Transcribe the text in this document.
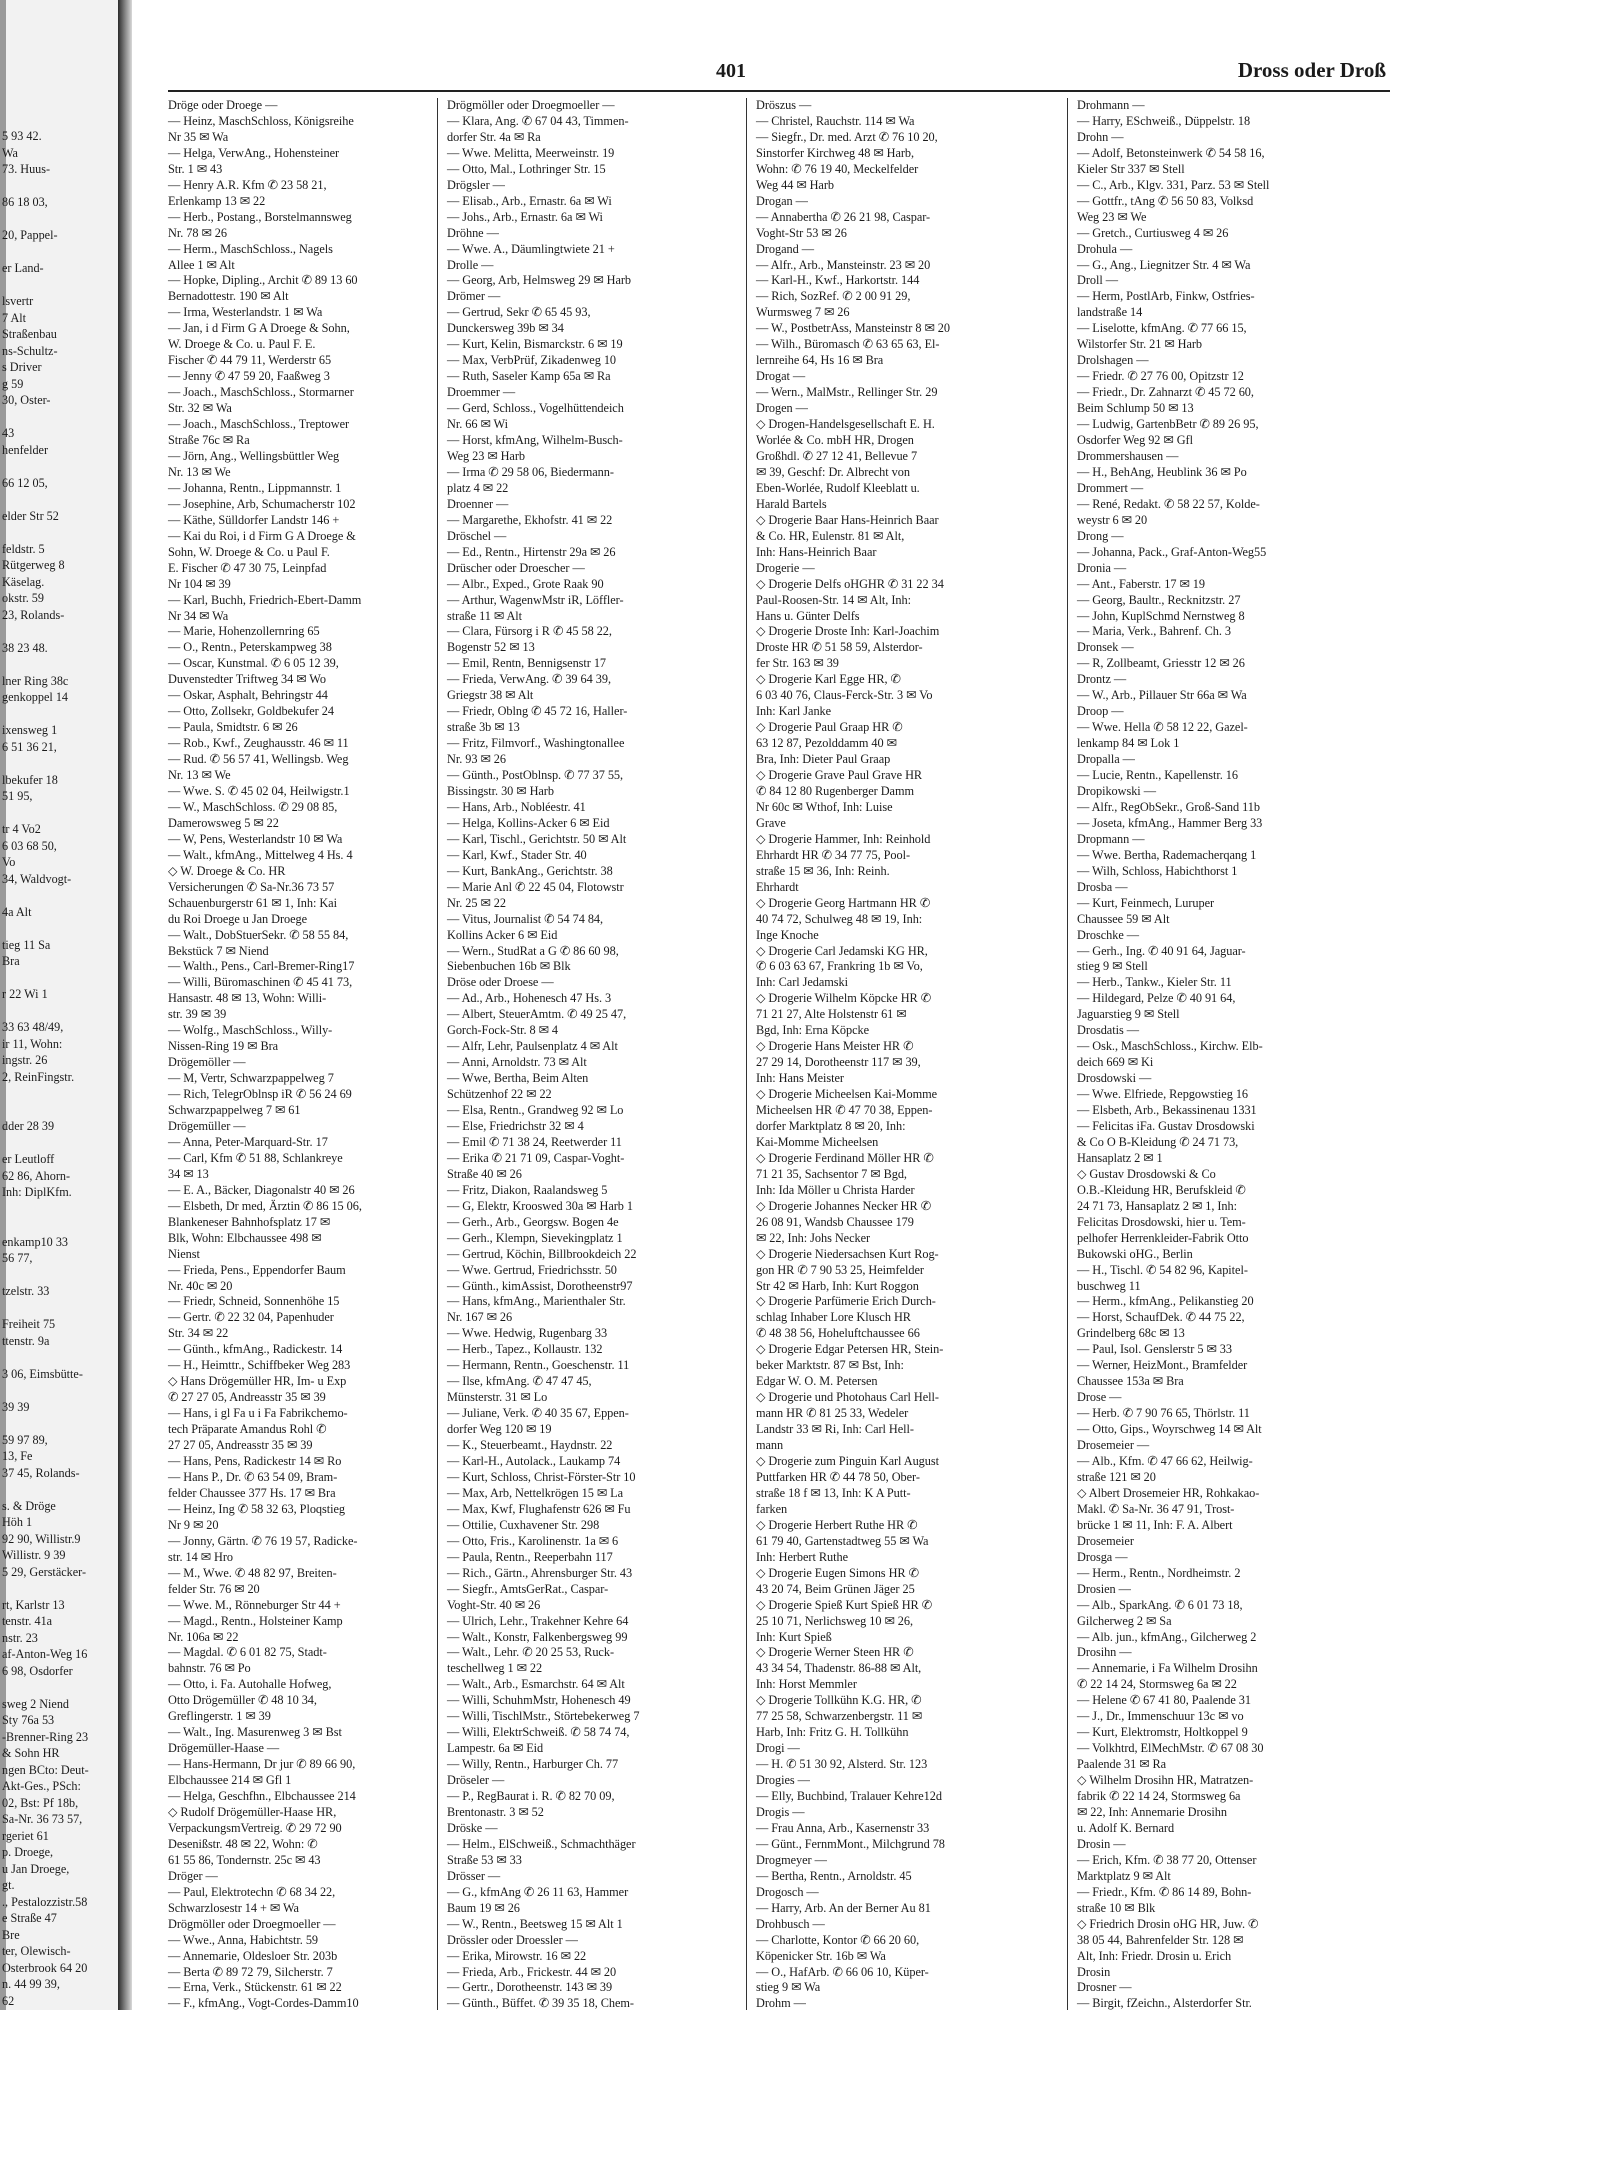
5 93 42.
Wa
73. Huus-

86 18 03,

20, Pappel-

er Land-

lsvertr
7 Alt
Straßenbau
ns-Schultz-
s Driver
g 59
30, Oster-

43
henfelder

66 12 05,

elder Str 52

feldstr. 5
Rütgerweg 8
Käselag.
okstr. 59
23, Rolands-

38 23 48.

lner Ring 38c
genkoppel 14

ixensweg 1
6 51 36 21,

lbekufer 18
51 95,

tr 4 Vo2
6 03 68 50,
Vo
34, Waldvogt-

4a Alt

tieg 11 Sa
Bra

r 22 Wi 1

33 63 48/49,
ir 11, Wohn:
ingstr. 26
2, ReinFingstr.

dder 28 39

er Leutloff
62 86, Ahorn-
Inh: DiplKfm.

enkamp10 33
56 77,

tzelstr. 33

Freiheit 75
ttenstr. 9a

3 06, Eimsbütte-

39 39

59 97 89,
13, Fe
37 45, Rolands-

s. & Dröge
Höh 1
92 90, Willistr.9
Willistr. 9 39
5 29, Gerstäcker-

rt, Karlstr 13
tenstr. 41a
nstr. 23
af-Anton-Weg 16
6 98, Osdorfer

sweg 2 Niend
Sty 76a 53
-Brenner-Ring 23
& Sohn HR
ngen BCto: Deut-
Akt-Ges., PSch:
02, Bst: Pf 18b,
Sa-Nr. 36 73 57,
rgeriet 61
p. Droege,
u Jan Droege,
gt.
., Pestalozzistr.58
e Straße 47
Bre
ter, Olewisch-
Osterbrook 64 20
n. 44 99 39,
62

401	Dross oder Droß
Dröge oder Droege —
— Heinz, MaschSchloss, Königsreihe
Nr 35 ✉ Wa
— Helga, VerwAng., Hohensteiner
Str. 1 ✉ 43
— Henry A.R. Kfm ✆ 23 58 21,
Erlenkamp 13 ✉ 22
— Herb., Postang., Borstelmannsweg
Nr. 78 ✉ 26
— Herm., MaschSchloss., Nagels
Allee 1 ✉ Alt
— Hopke, Dipling., Archit ✆ 89 13 60
Bernadottestr. 190 ✉ Alt
— Irma, Westerlandstr. 1 ✉ Wa
— Jan, i d Firm G A Droege & Sohn,
W. Droege & Co. u. Paul F. E.
Fischer ✆ 44 79 11, Werderstr 65
— Jenny ✆ 47 59 20, Faaßweg 3
— Joach., MaschSchloss., Stormarner
Str. 32 ✉ Wa
— Joach., MaschSchloss., Treptower
Straße 76c ✉ Ra
— Jörn, Ang., Wellingsbüttler Weg
Nr. 13 ✉ We
— Johanna, Rentn., Lippmannstr. 1
— Josephine, Arb, Schumacherstr 102
— Käthe, Sülldorfer Landstr 146 +
— Kai du Roi, i d Firm G A Droege &
Sohn, W. Droege & Co. u Paul F.
E. Fischer ✆ 47 30 75, Leinpfad
Nr 104 ✉ 39
— Karl, Buchh, Friedrich-Ebert-Damm
Nr 34 ✉ Wa
— Marie, Hohenzollernring 65
— O., Rentn., Peterskampweg 38
— Oscar, Kunstmal. ✆ 6 05 12 39,
Duvenstedter Triftweg 34 ✉ Wo
— Oskar, Asphalt, Behringstr 44
— Otto, Zollsekr, Goldbekufer 24
— Paula, Smidtstr. 6 ✉ 26
— Rob., Kwf., Zeughausstr. 46 ✉ 11
— Rud. ✆ 56 57 41, Wellingsb. Weg
Nr. 13 ✉ We
— Wwe. S. ✆ 45 02 04, Heilwigstr.1
— W., MaschSchloss. ✆ 29 08 85,
Damerowsweg 5 ✉ 22
— W, Pens, Westerlandstr 10 ✉ Wa
— Walt., kfmAng., Mittelweg 4 Hs. 4
◇ W. Droege & Co. HR
Versicherungen ✆ Sa-Nr.36 73 57
Schauenburgerstr 61 ✉ 1, Inh: Kai
du Roi Droege u Jan Droege
— Walt., DobStuerSekr. ✆ 58 55 84,
Bekstück 7 ✉ Niend
— Walth., Pens., Carl-Bremer-Ring17
— Willi, Büromaschinen ✆ 45 41 73,
Hansastr. 48 ✉ 13, Wohn: Willi-
str. 39 ✉ 39
— Wolfg., MaschSchloss., Willy-
Nissen-Ring 19 ✉ Bra
Drögemöller —
— M, Vertr, Schwarzpappelweg 7
— Rich, TelegrOblnsp iR ✆ 56 24 69
Schwarzpappelweg 7 ✉ 61
Drögemüller —
— Anna, Peter-Marquard-Str. 17
— Carl, Kfm ✆ 51 88, Schlankreye
34 ✉ 13
— E. A., Bäcker, Diagonalstr 40 ✉ 26
— Elsbeth, Dr med, Ärztin ✆ 86 15 06,
Blankeneser Bahnhofsplatz 17 ✉
Blk, Wohn: Elbchaussee 498 ✉
Nienst
— Frieda, Pens., Eppendorfer Baum
Nr. 40c ✉ 20
— Friedr, Schneid, Sonnenhöhe 15
— Gertr. ✆ 22 32 04, Papenhuder
Str. 34 ✉ 22
— Günth., kfmAng., Radickestr. 14
— H., Heimttr., Schiffbeker Weg 283
◇ Hans Drögemüller HR, Im- u Exp
✆ 27 27 05, Andreasstr 35 ✉ 39
— Hans, i gl Fa u i Fa Fabrikchemo-
tech Präparate Amandus Rohl ✆
27 27 05, Andreasstr 35 ✉ 39
— Hans, Pens, Radickestr 14 ✉ Ro
— Hans P., Dr. ✆ 63 54 09, Bram-
felder Chaussee 377 Hs. 17 ✉ Bra
— Heinz, Ing ✆ 58 32 63, Ploqstieg
Nr 9 ✉ 20
— Jonny, Gärtn. ✆ 76 19 57, Radicke-
str. 14 ✉ Hro
— M., Wwe. ✆ 48 82 97, Breiten-
felder Str. 76 ✉ 20
— Wwe. M., Rönneburger Str 44 +
— Magd., Rentn., Holsteiner Kamp
Nr. 106a ✉ 22
— Magdal. ✆ 6 01 82 75, Stadt-
bahnstr. 76 ✉ Po
— Otto, i. Fa. Autohalle Hofweg,
Otto Drögemüller ✆ 48 10 34,
Greflingerstr. 1 ✉ 39
— Walt., Ing. Masurenweg 3 ✉ Bst
Drögemüller-Haase —
— Hans-Hermann, Dr jur ✆ 89 66 90,
Elbchaussee 214 ✉ Gfl 1
— Helga, Geschfhn., Elbchaussee 214
◇ Rudolf Drögemüller-Haase HR,
VerpackungsmVertreig. ✆ 29 72 90
Desenißstr. 48 ✉ 22, Wohn: ✆
61 55 86, Tondernstr. 25c ✉ 43
Dröger —
— Paul, Elektrotechn ✆ 68 34 22,
Schwarzlosestr 14 + ✉ Wa
Drögmöller oder Droegmoeller —
— Wwe., Anna, Habichtstr. 59
— Annemarie, Oldesloer Str. 203b
— Berta ✆ 89 72 79, Silcherstr. 7
— Erna, Verk., Stückenstr. 61 ✉ 22
— F., kfmAng., Vogt-Cordes-Damm10
Drögmöller oder Droegmoeller —
— Klara, Ang. ✆ 67 04 43, Timmen-
dorfer Str. 4a ✉ Ra
— Wwe. Melitta, Meerweinstr. 19
— Otto, Mal., Lothringer Str. 15
Drögsler —
— Elisab., Arb., Ernastr. 6a ✉ Wi
— Johs., Arb., Ernastr. 6a ✉ Wi
Dröhne —
— Wwe. A., Däumlingtwiete 21 +
Drolle —
— Georg, Arb, Helmsweg 29 ✉ Harb
Drömer —
— Gertrud, Sekr ✆ 65 45 93,
Dunckersweg 39b ✉ 34
— Kurt, Kelin, Bismarckstr. 6 ✉ 19
— Max, VerbPrüf, Zikadenweg 10
— Ruth, Saseler Kamp 65a ✉ Ra
Droemmer —
— Gerd, Schloss., Vogelhüttendeich
Nr. 66 ✉ Wi
— Horst, kfmAng, Wilhelm-Busch-
Weg 23 ✉ Harb
— Irma ✆ 29 58 06, Biedermann-
platz 4 ✉ 22
Droenner —
— Margarethe, Ekhofstr. 41 ✉ 22
Dröschel —
— Ed., Rentn., Hirtenstr 29a ✉ 26
Drüscher oder Droescher —
— Albr., Exped., Grote Raak 90
— Arthur, WagenwMstr iR, Löffler-
straße 11 ✉ Alt
— Clara, Fürsorg i R ✆ 45 58 22,
Bogenstr 52 ✉ 13
— Emil, Rentn, Bennigsenstr 17
— Frieda, VerwAng. ✆ 39 64 39,
Griegstr 38 ✉ Alt
— Friedr, Oblng ✆ 45 72 16, Haller-
straße 3b ✉ 13
— Fritz, Filmvorf., Washingtonallee
Nr. 93 ✉ 26
— Günth., PostOblnsp. ✆ 77 37 55,
Bissingstr. 30 ✉ Harb
— Hans, Arb., Nobléestr. 41
— Helga, Kollins-Acker 6 ✉ Eid
— Karl, Tischl., Gerichtstr. 50 ✉ Alt
— Karl, Kwf., Stader Str. 40
— Kurt, BankAng., Gerichtstr. 38
— Marie Anl ✆ 22 45 04, Flotowstr
Nr. 25 ✉ 22
— Vitus, Journalist ✆ 54 74 84,
Kollins Acker 6 ✉ Eid
— Wern., StudRat a G ✆ 86 60 98,
Siebenbuchen 16b ✉ Blk
Dröse oder Droese —
— Ad., Arb., Hohenesch 47 Hs. 3
— Albert, SteuerAmtm. ✆ 49 25 47,
Gorch-Fock-Str. 8 ✉ 4
— Alfr, Lehr, Paulsenplatz 4 ✉ Alt
— Anni, Arnoldstr. 73 ✉ Alt
— Wwe, Bertha, Beim Alten
Schützenhof 22 ✉ 22
— Elsa, Rentn., Grandweg 92 ✉ Lo
— Else, Friedrichstr 32 ✉ 4
— Emil ✆ 71 38 24, Reetwerder 11
— Erika ✆ 21 71 09, Caspar-Voght-
Straße 40 ✉ 26
— Fritz, Diakon, Raalandsweg 5
— G, Elektr, Krooswed 30a ✉ Harb 1
— Gerh., Arb., Georgsw. Bogen 4e
— Gerh., Klempn, Sievekingplatz 1
— Gertrud, Köchin, Billbrookdeich 22
— Wwe. Gertrud, Friedrichsstr. 50
— Günth., kimAssist, Dorotheenstr97
— Hans, kfmAng., Marienthaler Str.
Nr. 167 ✉ 26
— Wwe. Hedwig, Rugenbarg 33
— Herb., Tapez., Kollaustr. 132
— Hermann, Rentn., Goeschenstr. 11
— Ilse, kfmAng. ✆ 47 47 45,
Münsterstr. 31 ✉ Lo
— Juliane, Verk. ✆ 40 35 67, Eppen-
dorfer Weg 120 ✉ 19
— K., Steuerbeamt., Haydnstr. 22
— Karl-H., Autolack., Laukamp 74
— Kurt, Schloss, Christ-Förster-Str 10
— Max, Arb, Nettelkrögen 15 ✉ La
— Max, Kwf, Flughafenstr 626 ✉ Fu
— Ottilie, Cuxhavener Str. 298
— Otto, Fris., Karolinenstr. 1a ✉ 6
— Paula, Rentn., Reeperbahn 117
— Rich., Gärtn., Ahrensburger Str. 43
— Siegfr., AmtsGerRat., Caspar-
Voght-Str. 40 ✉ 26
— Ulrich, Lehr., Trakehner Kehre 64
— Walt., Konstr, Falkenbergsweg 99
— Walt., Lehr. ✆ 20 25 53, Ruck-
teschellweg 1 ✉ 22
— Walt., Arb., Esmarchstr. 64 ✉ Alt
— Willi, SchuhmMstr, Hohenesch 49
— Willi, TischlMstr., Störtebekerweg 7
— Willi, ElektrSchweiß. ✆ 58 74 74,
Lampestr. 6a ✉ Eid
— Willy, Rentn., Harburger Ch. 77
Dröseler —
— P., RegBaurat i. R. ✆ 82 70 09,
Brentonastr. 3 ✉ 52
Dröske —
— Helm., ElSchweiß., Schmachthäger
Straße 53 ✉ 33
Drösser —
— G., kfmAng ✆ 26 11 63, Hammer
Baum 19 ✉ 26
— W., Rentn., Beetsweg 15 ✉ Alt 1
Drössler oder Droessler —
— Erika, Mirowstr. 16 ✉ 22
— Frieda, Arb., Frickestr. 44 ✉ 20
— Gertr., Dorotheenstr. 143 ✉ 39
— Günth., Büffet. ✆ 39 35 18, Chem-
Dröszus —
— Christel, Rauchstr. 114 ✉ Wa
— Siegfr., Dr. med. Arzt ✆ 76 10 20,
Sinstorfer Kirchweg 48 ✉ Harb,
Wohn: ✆ 76 19 40, Meckelfelder
Weg 44 ✉ Harb
Drogan —
— Annabertha ✆ 26 21 98, Caspar-
Voght-Str 53 ✉ 26
Drogand —
— Alfr., Arb., Mansteinstr. 23 ✉ 20
— Karl-H., Kwf., Harkortstr. 144
— Rich, SozRef. ✆ 2 00 91 29,
Wurmsweg 7 ✉ 26
— W., PostbetrAss, Mansteinstr 8 ✉ 20
— Wilh., Büromasch ✆ 63 65 63, El-
lernreihe 64, Hs 16 ✉ Bra
Drogat —
— Wern., MalMstr., Rellinger Str. 29
Drogen —
◇ Drogen-Handelsgesellschaft E. H.
Worlée & Co. mbH HR, Drogen
Großhdl. ✆ 27 12 41, Bellevue 7
✉ 39, Geschf: Dr. Albrecht von
Eben-Worlée, Rudolf Kleeblatt u.
Harald Bartels
◇ Drogerie Baar Hans-Heinrich Baar
& Co. HR, Eulenstr. 81 ✉ Alt,
Inh: Hans-Heinrich Baar
Drogerie —
◇ Drogerie Delfs oHGHR ✆ 31 22 34
Paul-Roosen-Str. 14 ✉ Alt, Inh:
Hans u. Günter Delfs
◇ Drogerie Droste Inh: Karl-Joachim
Droste HR ✆ 51 58 59, Alsterdor-
fer Str. 163 ✉ 39
◇ Drogerie Karl Egge HR, ✆
6 03 40 76, Claus-Ferck-Str. 3 ✉ Vo
Inh: Karl Janke
◇ Drogerie Paul Graap HR ✆
63 12 87, Pezolddamm 40 ✉
Bra, Inh: Dieter Paul Graap
◇ Drogerie Grave Paul Grave HR
✆ 84 12 80 Rugenberger Damm
Nr 60c ✉ Wthof, Inh: Luise
Grave
◇ Drogerie Hammer, Inh: Reinhold
Ehrhardt HR ✆ 34 77 75, Pool-
straße 15 ✉ 36, Inh: Reinh.
Ehrhardt
◇ Drogerie Georg Hartmann HR ✆
40 74 72, Schulweg 48 ✉ 19, Inh:
Inge Knoche
◇ Drogerie Carl Jedamski KG HR,
✆ 6 03 63 67, Frankring 1b ✉ Vo,
Inh: Carl Jedamski
◇ Drogerie Wilhelm Köpcke HR ✆
71 21 27, Alte Holstenstr 61 ✉
Bgd, Inh: Erna Köpcke
◇ Drogerie Hans Meister HR ✆
27 29 14, Dorotheenstr 117 ✉ 39,
Inh: Hans Meister
◇ Drogerie Micheelsen Kai-Momme
Micheelsen HR ✆ 47 70 38, Eppen-
dorfer Marktplatz 8 ✉ 20, Inh:
Kai-Momme Micheelsen
◇ Drogerie Ferdinand Möller HR ✆
71 21 35, Sachsentor 7 ✉ Bgd,
Inh: Ida Möller u Christa Harder
◇ Drogerie Johannes Necker HR ✆
26 08 91, Wandsb Chaussee 179
✉ 22, Inh: Johs Necker
◇ Drogerie Niedersachsen Kurt Rog-
gon HR ✆ 7 90 53 25, Heimfelder
Str 42 ✉ Harb, Inh: Kurt Roggon
◇ Drogerie Parfümerie Erich Durch-
schlag Inhaber Lore Klusch HR
✆ 48 38 56, Hoheluftchaussee 66
◇ Drogerie Edgar Petersen HR, Stein-
beker Marktstr. 87 ✉ Bst, Inh:
Edgar W. O. M. Petersen
◇ Drogerie und Photohaus Carl Hell-
mann HR ✆ 81 25 33, Wedeler
Landstr 33 ✉ Ri, Inh: Carl Hell-
mann
◇ Drogerie zum Pinguin Karl August
Puttfarken HR ✆ 44 78 50, Ober-
straße 18 f ✉ 13, Inh: K A Putt-
farken
◇ Drogerie Herbert Ruthe HR ✆
61 79 40, Gartenstadtweg 55 ✉ Wa
Inh: Herbert Ruthe
◇ Drogerie Eugen Simons HR ✆
43 20 74, Beim Grünen Jäger 25
◇ Drogerie Spieß Kurt Spieß HR ✆
25 10 71, Nerlichsweg 10 ✉ 26,
Inh: Kurt Spieß
◇ Drogerie Werner Steen HR ✆
43 34 54, Thadenstr. 86-88 ✉ Alt,
Inh: Horst Memmler
◇ Drogerie Tollkühn K.G. HR, ✆
77 25 58, Schwarzenbergstr. 11 ✉
Harb, Inh: Fritz G. H. Tollkühn
Drogi —
— H. ✆ 51 30 92, Alsterd. Str. 123
Drogies —
— Elly, Buchbind, Tralauer Kehre12d
Drogis —
— Frau Anna, Arb., Kasernenstr 33
— Günt., FernmMont., Milchgrund 78
Drogmeyer —
— Bertha, Rentn., Arnoldstr. 45
Drogosch —
— Harry, Arb. An der Berner Au 81
Drohbusch —
— Charlotte, Kontor ✆ 66 20 60,
Köpenicker Str. 16b ✉ Wa
— O., HafArb. ✆ 66 06 10, Küper-
stieg 9 ✉ Wa
Drohm —
Drohmann —
— Harry, ESchweiß., Düppelstr. 18
Drohn —
— Adolf, Betonsteinwerk ✆ 54 58 16,
Kieler Str 337 ✉ Stell
— C., Arb., Klgv. 331, Parz. 53 ✉ Stell
— Gottfr., tAng ✆ 56 50 83, Volksd
Weg 23 ✉ We
— Gretch., Curtiusweg 4 ✉ 26
Drohula —
— G., Ang., Liegnitzer Str. 4 ✉ Wa
Droll —
— Herm, PostlArb, Finkw, Ostfries-
landstraße 14
— Liselotte, kfmAng. ✆ 77 66 15,
Wilstorfer Str. 21 ✉ Harb
Drolshagen —
— Friedr. ✆ 27 76 00, Opitzstr 12
— Friedr., Dr. Zahnarzt ✆ 45 72 60,
Beim Schlump 50 ✉ 13
— Ludwig, GartenbBetr ✆ 89 26 95,
Osdorfer Weg 92 ✉ Gfl
Drommershausen —
— H., BehAng, Heublink 36 ✉ Po
Drommert —
— René, Redakt. ✆ 58 22 57, Kolde-
weystr 6 ✉ 20
Drong —
— Johanna, Pack., Graf-Anton-Weg55
Dronia —
— Ant., Faberstr. 17 ✉ 19
— Georg, Baultr., Recknitzstr. 27
— John, KuplSchmd Nernstweg 8
— Maria, Verk., Bahrenf. Ch. 3
Dronsek —
— R, Zollbeamt, Griesstr 12 ✉ 26
Drontz —
— W., Arb., Pillauer Str 66a ✉ Wa
Droop —
— Wwe. Hella ✆ 58 12 22, Gazel-
lenkamp 84 ✉ Lok 1
Dropalla —
— Lucie, Rentn., Kapellenstr. 16
Dropikowski —
— Alfr., RegObSekr., Groß-Sand 11b
— Joseta, kfmAng., Hammer Berg 33
Dropmann —
— Wwe. Bertha, Rademacherqang 1
— Wilh, Schloss, Habichthorst 1
Drosba —
— Kurt, Feinmech, Luruper
Chaussee 59 ✉ Alt
Droschke —
— Gerh., Ing. ✆ 40 91 64, Jaguar-
stieg 9 ✉ Stell
— Herb., Tankw., Kieler Str. 11
— Hildegard, Pelze ✆ 40 91 64,
Jaguarstieg 9 ✉ Stell
Drosdatis —
— Osk., MaschSchloss., Kirchw. Elb-
deich 669 ✉ Ki
Drosdowski —
— Wwe. Elfriede, Repgowstieg 16
— Elsbeth, Arb., Bekassinenau 1331
— Felicitas iFa. Gustav Drosdowski
& Co O B-Kleidung ✆ 24 71 73,
Hansaplatz 2 ✉ 1
◇ Gustav Drosdowski & Co
O.B.-Kleidung HR, Berufskleid ✆
24 71 73, Hansaplatz 2 ✉ 1, Inh:
Felicitas Drosdowski, hier u. Tem-
pelhofer Herrenkleider-Fabrik Otto
Bukowski oHG., Berlin
— H., Tischl. ✆ 54 82 96, Kapitel-
buschweg 11
— Herm., kfmAng., Pelikanstieg 20
— Horst, SchaufDek. ✆ 44 75 22,
Grindelberg 68c ✉ 13
— Paul, Isol. Genslerstr 5 ✉ 33
— Werner, HeizMont., Bramfelder
Chaussee 153a ✉ Bra
Drose —
— Herb. ✆ 7 90 76 65, Thörlstr. 11
— Otto, Gips., Woyrschweg 14 ✉ Alt
Drosemeier —
— Alb., Kfm. ✆ 47 66 62, Heilwig-
straße 121 ✉ 20
◇ Albert Drosemeier HR, Rohkakao-
Makl. ✆ Sa-Nr. 36 47 91, Trost-
brücke 1 ✉ 11, Inh: F. A. Albert
Drosemeier
Drosga —
— Herm., Rentn., Nordheimstr. 2
Drosien —
— Alb., SparkAng. ✆ 6 01 73 18,
Gilcherweg 2 ✉ Sa
— Alb. jun., kfmAng., Gilcherweg 2
Drosihn —
— Annemarie, i Fa Wilhelm Drosihn
✆ 22 14 24, Stormsweg 6a ✉ 22
— Helene ✆ 67 41 80, Paalende 31
— J., Dr., Immenschuur 13c ✉ vo
— Kurt, Elektromstr, Holtkoppel 9
— Volkhtrd, ElMechMstr. ✆ 67 08 30
Paalende 31 ✉ Ra
◇ Wilhelm Drosihn HR, Matratzen-
fabrik ✆ 22 14 24, Stormsweg 6a
✉ 22, Inh: Annemarie Drosihn
u. Adolf K. Bernard
Drosin —
— Erich, Kfm. ✆ 38 77 20, Ottenser
Marktplatz 9 ✉ Alt
— Friedr., Kfm. ✆ 86 14 89, Bohn-
straße 10 ✉ Blk
◇ Friedrich Drosin oHG HR, Juw. ✆
38 05 44, Bahrenfelder Str. 128 ✉
Alt, Inh: Friedr. Drosin u. Erich
Drosin
Drosner —
— Birgit, fZeichn., Alsterdorfer Str.
